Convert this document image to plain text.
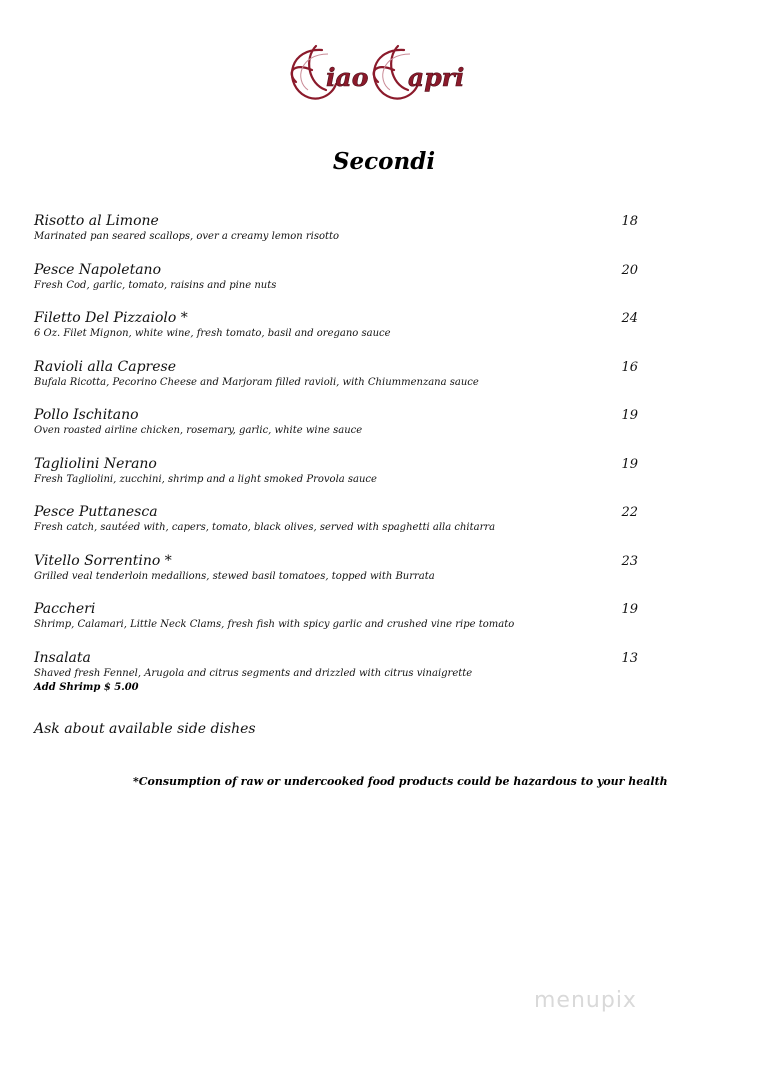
iao apri
Secondi
Risotto al Limone
Marinated pan seared scallops, over a creamy lemon risotto
18
Pesce Napoletano
Fresh Cod, garlic, tomato, raisins and pine nuts
20
Filetto Del Pizzaiolo *
6 Oz. Filet Mignon, white wine, fresh tomato, basil and oregano sauce
24
Ravioli alla Caprese
Bufala Ricotta, Pecorino Cheese and Marjoram filled ravioli, with Chiummenzana sauce
16
Pollo Ischitano
Oven roasted airline chicken, rosemary, garlic, white wine sauce
19
Tagliolini Nerano
Fresh Tagliolini, zucchini, shrimp and a light smoked Provola sauce
19
Pesce Puttanesca
Fresh catch, sautéed with, capers, tomato, black olives, served with spaghetti alla chitarra
22
Vitello Sorrentino *
Grilled veal tenderloin medallions, stewed basil tomatoes, topped with Burrata
23
Paccheri
Shrimp, Calamari, Little Neck Clams, fresh fish with spicy garlic and crushed vine ripe tomato
19
Insalata
Shaved fresh Fennel, Arugola and citrus segments and drizzled with citrus vinaigrette
Add Shrimp $ 5.00
13
Ask about available side dishes
*Consumption of raw or undercooked food products could be hazardous to your health
menupix
